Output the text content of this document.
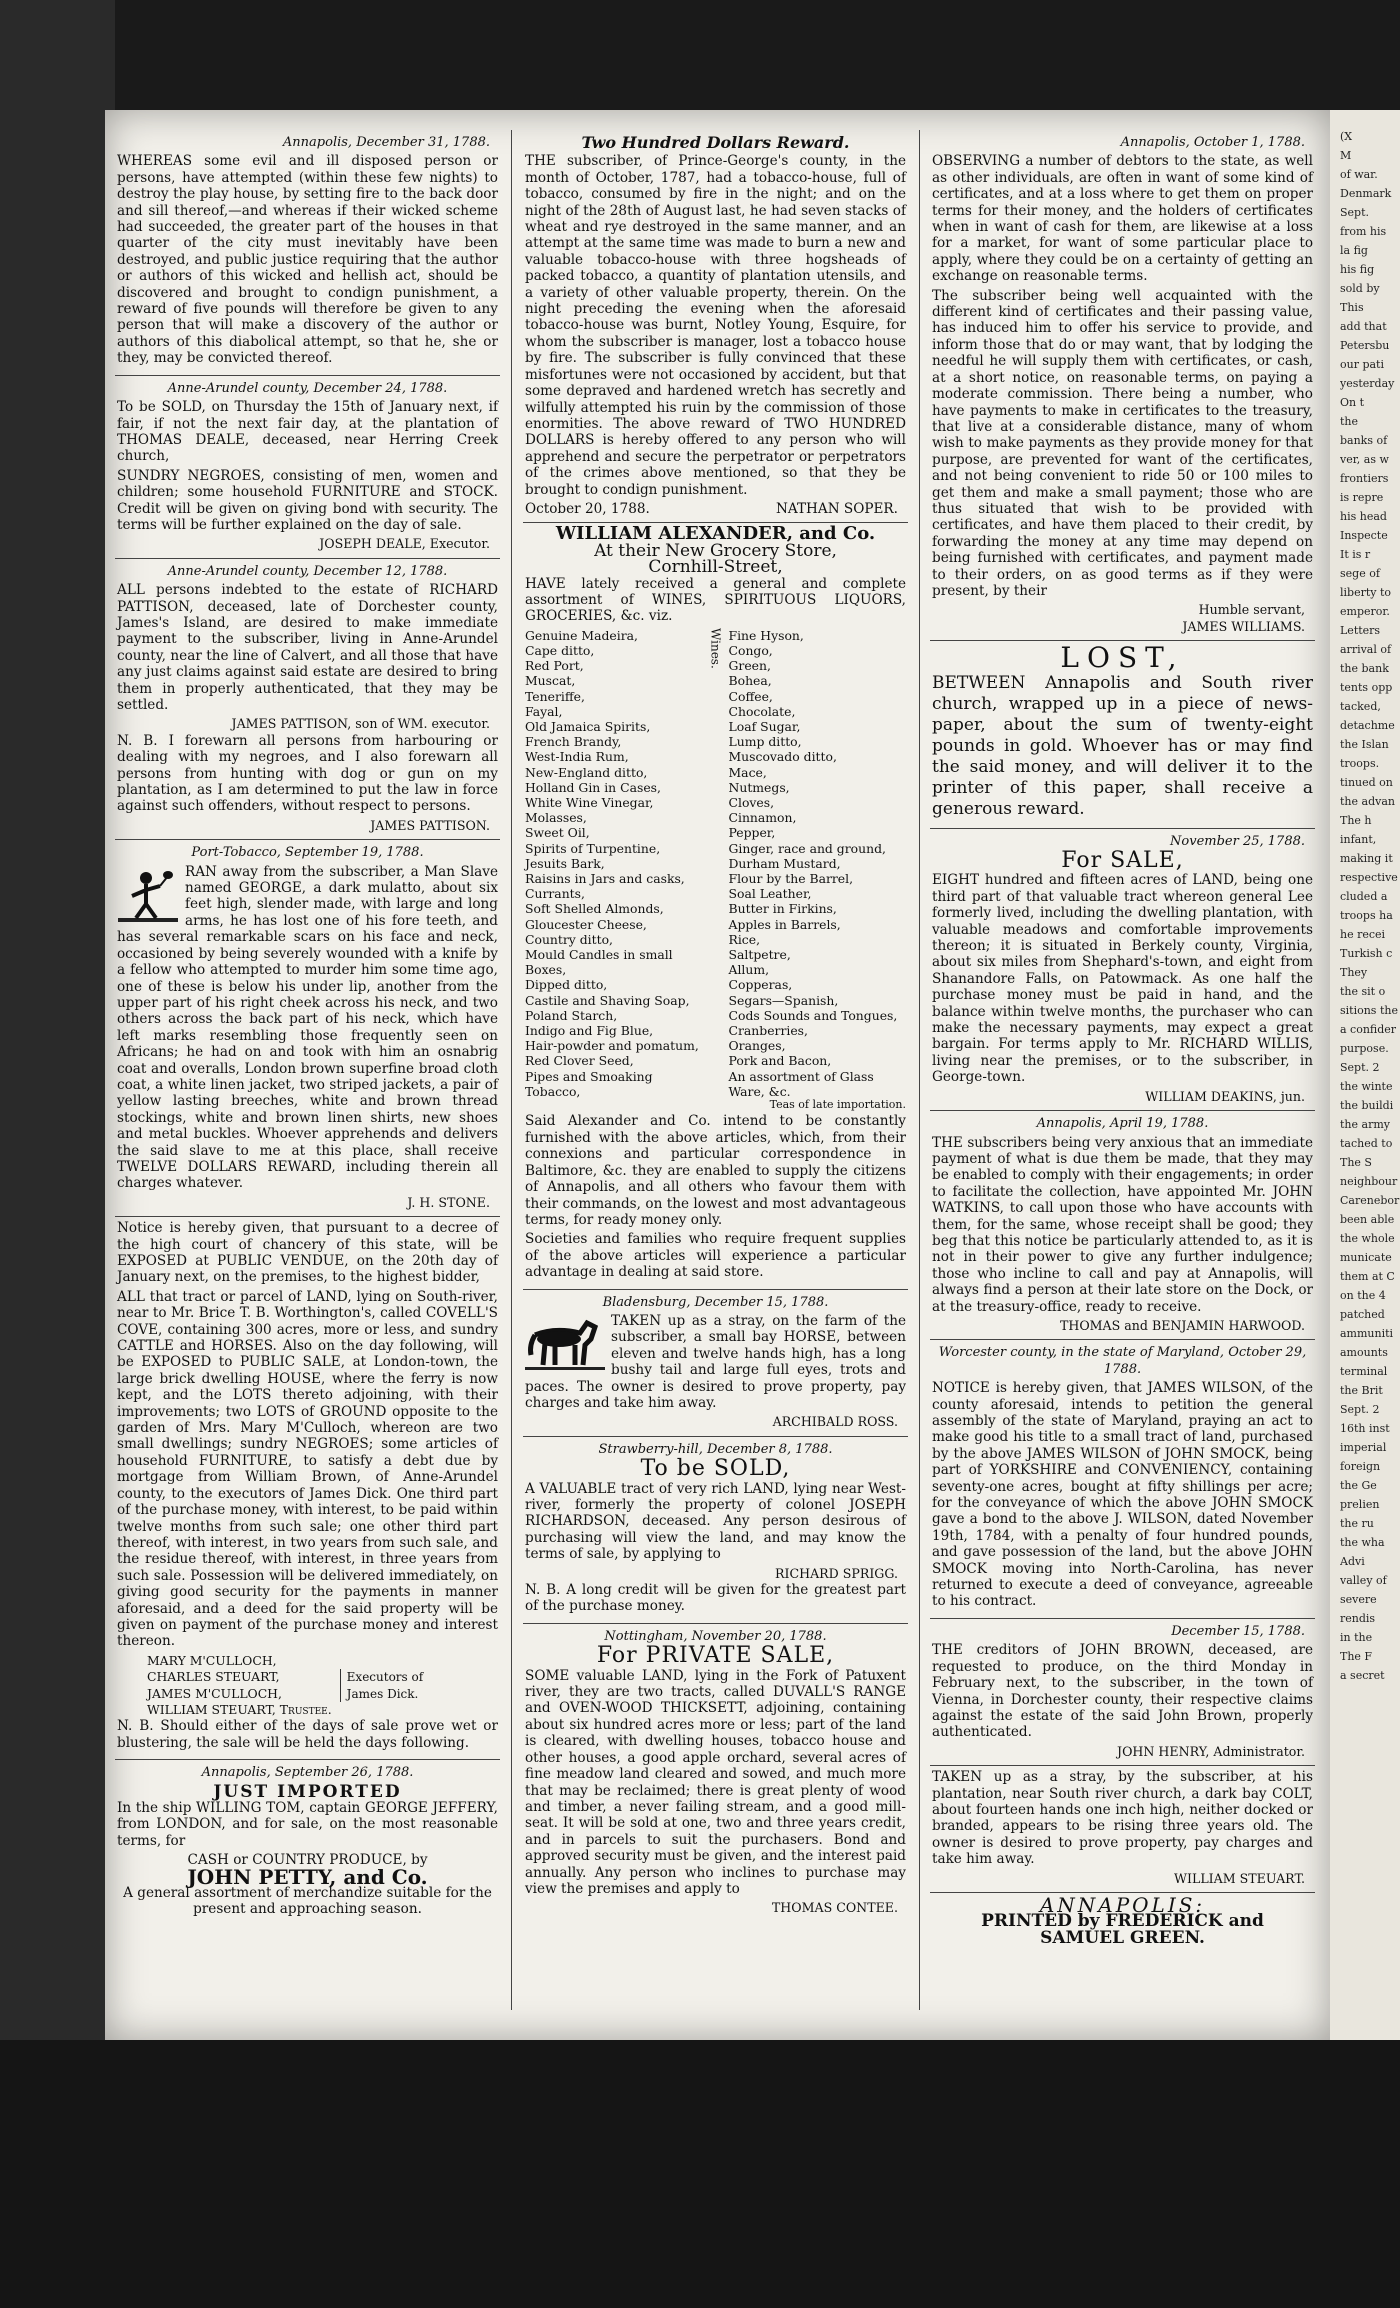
Annapolis, December 31, 1788.

WHEREAS some evil and ill disposed person or persons, have attempted (within these few nights) to destroy the play house, by setting fire to the back door and sill thereof,—and whereas if their wicked scheme had succeeded, the greater part of the houses in that quarter of the city must inevitably have been destroyed, and public justice requiring that the author or authors of this wicked and hellish act, should be discovered and brought to condign punishment, a reward of five pounds will therefore be given to any person that will make a discovery of the author or authors of this diabolical attempt, so that he, she or they, may be convicted thereof.

Anne-Arundel county, December 24, 1788.

To be SOLD, on Thursday the 15th of January next, if fair, if not the next fair day, at the plantation of THOMAS DEALE, deceased, near Herring Creek church,

SUNDRY NEGROES, consisting of men, women and children; some household FURNITURE and STOCK. Credit will be given on giving bond with security. The terms will be further explained on the day of sale.

JOSEPH DEALE, Executor.
Anne-Arundel county, December 12, 1788.

ALL persons indebted to the estate of RICHARD PATTISON, deceased, late of Dorchester county, James's Island, are desired to make immediate payment to the subscriber, living in Anne-Arundel county, near the line of Calvert, and all those that have any just claims against said estate are desired to bring them in properly authenticated, that they may be settled.

JAMES PATTISON, son of WM. executor.

N. B. I forewarn all persons from harbouring or dealing with my negroes, and I also forewarn all persons from hunting with dog or gun on my plantation, as I am determined to put the law in force against such offenders, without respect to persons.

JAMES PATTISON.
Port-Tobacco, September 19, 1788.

RAN away from the subscriber, a Man Slave named GEORGE, a dark mulatto, about six feet high, slender made, with large and long arms, he has lost one of his fore teeth, and has several remarkable scars on his face and neck, occasioned by being severely wounded with a knife by a fellow who attempted to murder him some time ago, one of these is below his under lip, another from the upper part of his right cheek across his neck, and two others across the back part of his neck, which have left marks resembling those frequently seen on Africans; he had on and took with him an osnabrig coat and overalls, London brown superfine broad cloth coat, a white linen jacket, two striped jackets, a pair of yellow lasting breeches, white and brown thread stockings, white and brown linen shirts, new shoes and metal buckles. Whoever apprehends and delivers the said slave to me at this place, shall receive TWELVE DOLLARS REWARD, including therein all charges whatever.

J. H. STONE.

Notice is hereby given, that pursuant to a decree of the high court of chancery of this state, will be EXPOSED at PUBLIC VENDUE, on the 20th day of January next, on the premises, to the highest bidder,

ALL that tract or parcel of LAND, lying on South-river, near to Mr. Brice T. B. Worthington's, called COVELL'S COVE, containing 300 acres, more or less, and sundry CATTLE and HORSES. Also on the day following, will be EXPOSED to PUBLIC SALE, at London-town, the large brick dwelling HOUSE, where the ferry is now kept, and the LOTS thereto adjoining, with their improvements; two LOTS of GROUND opposite to the garden of Mrs. Mary M'Culloch, whereon are two small dwellings; sundry NEGROES; some articles of household FURNITURE, to satisfy a debt due by mortgage from William Brown, of Anne-Arundel county, to the executors of James Dick. One third part of the purchase money, with interest, to be paid within twelve months from such sale; one other third part thereof, with interest, in two years from such sale, and the residue thereof, with interest, in three years from such sale. Possession will be delivered immediately, on giving good security for the payments in manner aforesaid, and a deed for the said property will be given on payment of the purchase money and interest thereon.

MARY M'CULLOCH,
CHARLES STEUART,
JAMES M'CULLOCH,
WILLIAM STEUART, Trustee.
Executors of James Dick.

N. B. Should either of the days of sale prove wet or blustering, the sale will be held the days following.

Annapolis, September 26, 1788.
JUST IMPORTED

In the ship WILLING TOM, captain GEORGE JEFFERY, from LONDON, and for sale, on the most reasonable terms, for

CASH or COUNTRY PRODUCE, by
JOHN PETTY, and Co.

A general assortment of merchandize suitable for the present and approaching season.

Two Hundred Dollars Reward.

THE subscriber, of Prince-George's county, in the month of October, 1787, had a tobacco-house, full of tobacco, consumed by fire in the night; and on the night of the 28th of August last, he had seven stacks of wheat and rye destroyed in the same manner, and an attempt at the same time was made to burn a new and valuable tobacco-house with three hogsheads of packed tobacco, a quantity of plantation utensils, and a variety of other valuable property, therein. On the night preceding the evening when the aforesaid tobacco-house was burnt, Notley Young, Esquire, for whom the subscriber is manager, lost a tobacco house by fire. The subscriber is fully convinced that these misfortunes were not occasioned by accident, but that some depraved and hardened wretch has secretly and wilfully attempted his ruin by the commission of those enormities. The above reward of TWO HUNDRED DOLLARS is hereby offered to any person who will apprehend and secure the perpetrator or perpetrators of the crimes above mentioned, so that they be brought to condign punishment.

October 20, 1788.	NATHAN SOPER.
WILLIAM ALEXANDER, and Co.
At their New Grocery Store,
Cornhill-Street,

HAVE lately received a general and complete assortment of WINES, SPIRITUOUS LIQUORS, GROCERIES, &c. viz.

Genuine Madeira,
Cape ditto,
Red Port,
Muscat,
Teneriffe,
Fayal,
Old Jamaica Spirits,
French Brandy,
West-India Rum,
New-England ditto,
Holland Gin in Cases,
White Wine Vinegar,
Molasses,
Sweet Oil,
Spirits of Turpentine,
Jesuits Bark,
Raisins in Jars and casks,
Currants,
Soft Shelled Almonds,
Gloucester Cheese,
Country ditto,
Mould Candles in small Boxes,
Dipped ditto,
Castile and Shaving Soap,
Poland Starch,
Indigo and Fig Blue,
Hair-powder and pomatum,
Red Clover Seed,
Pipes and Smoaking Tobacco,
Wines. Fine Hyson,
Congo,
Green,
Bohea,
Coffee,
Chocolate,
Loaf Sugar,
Lump ditto,
Muscovado ditto,
Mace,
Nutmegs,
Cloves,
Cinnamon,
Pepper,
Ginger, race and ground,
Durham Mustard,
Flour by the Barrel,
Soal Leather,
Butter in Firkins,
Apples in Barrels,
Rice,
Saltpetre,
Allum,
Copperas,
Segars—Spanish,
Cods Sounds and Tongues,
Cranberries,
Oranges,
Pork and Bacon,
An assortment of Glass Ware, &c.
Teas of late importation.

Said Alexander and Co. intend to be constantly furnished with the above articles, which, from their connexions and particular correspondence in Baltimore, &c. they are enabled to supply the citizens of Annapolis, and all others who favour them with their commands, on the lowest and most advantageous terms, for ready money only.

Societies and families who require frequent supplies of the above articles will experience a particular advantage in dealing at said store.

Bladensburg, December 15, 1788.

TAKEN up as a stray, on the farm of the subscriber, a small bay HORSE, between eleven and twelve hands high, has a long bushy tail and large full eyes, trots and paces. The owner is desired to prove property, pay charges and take him away.

ARCHIBALD ROSS.
Strawberry-hill, December 8, 1788.
To be SOLD,

A VALUABLE tract of very rich LAND, lying near West-river, formerly the property of colonel JOSEPH RICHARDSON, deceased. Any person desirous of purchasing will view the land, and may know the terms of sale, by applying to

RICHARD SPRIGG.

N. B. A long credit will be given for the greatest part of the purchase money.

Nottingham, November 20, 1788.
For PRIVATE SALE,

SOME valuable LAND, lying in the Fork of Patuxent river, they are two tracts, called DUVALL'S RANGE and OVEN-WOOD THICKSETT, adjoining, containing about six hundred acres more or less; part of the land is cleared, with dwelling houses, tobacco house and other houses, a good apple orchard, several acres of fine meadow land cleared and sowed, and much more that may be reclaimed; there is great plenty of wood and timber, a never failing stream, and a good mill-seat. It will be sold at one, two and three years credit, and in parcels to suit the purchasers. Bond and approved security must be given, and the interest paid annually. Any person who inclines to purchase may view the premises and apply to

THOMAS CONTEE.
Annapolis, October 1, 1788.

OBSERVING a number of debtors to the state, as well as other individuals, are often in want of some kind of certificates, and at a loss where to get them on proper terms for their money, and the holders of certificates when in want of cash for them, are likewise at a loss for a market, for want of some particular place to apply, where they could be on a certainty of getting an exchange on reasonable terms.

The subscriber being well acquainted with the different kind of certificates and their passing value, has induced him to offer his service to provide, and inform those that do or may want, that by lodging the needful he will supply them with certificates, or cash, at a short notice, on reasonable terms, on paying a moderate commission. There being a number, who have payments to make in certificates to the treasury, that live at a considerable distance, many of whom wish to make payments as they provide money for that purpose, are prevented for want of the certificates, and not being convenient to ride 50 or 100 miles to get them and make a small payment; those who are thus situated that wish to be provided with certificates, and have them placed to their credit, by forwarding the money at any time may depend on being furnished with certificates, and payment made to their orders, on as good terms as if they were present, by their

Humble servant,
JAMES WILLIAMS.
LOST,

BETWEEN Annapolis and South river church, wrapped up in a piece of news-paper, about the sum of twenty-eight pounds in gold. Whoever has or may find the said money, and will deliver it to the printer of this paper, shall receive a generous reward.

November 25, 1788.
For SALE,

EIGHT hundred and fifteen acres of LAND, being one third part of that valuable tract whereon general Lee formerly lived, including the dwelling plantation, with valuable meadows and comfortable improvements thereon; it is situated in Berkely county, Virginia, about six miles from Shephard's-town, and eight from Shanandore Falls, on Patowmack. As one half the purchase money must be paid in hand, and the balance within twelve months, the purchaser who can make the necessary payments, may expect a great bargain. For terms apply to Mr. RICHARD WILLIS, living near the premises, or to the subscriber, in George-town.

WILLIAM DEAKINS, jun.
Annapolis, April 19, 1788.

THE subscribers being very anxious that an immediate payment of what is due them be made, that they may be enabled to comply with their engagements; in order to facilitate the collection, have appointed Mr. JOHN WATKINS, to call upon those who have accounts with them, for the same, whose receipt shall be good; they beg that this notice be particularly attended to, as it is not in their power to give any further indulgence; those who incline to call and pay at Annapolis, will always find a person at their late store on the Dock, or at the treasury-office, ready to receive.

THOMAS and BENJAMIN HARWOOD.
Worcester county, in the state of Maryland, October 29, 1788.

NOTICE is hereby given, that JAMES WILSON, of the county aforesaid, intends to petition the general assembly of the state of Maryland, praying an act to make good his title to a small tract of land, purchased by the above JAMES WILSON of JOHN SMOCK, being part of YORKSHIRE and CONVENIENCY, containing seventy-one acres, bought at fifty shillings per acre; for the conveyance of which the above JOHN SMOCK gave a bond to the above J. WILSON, dated November 19th, 1784, with a penalty of four hundred pounds, and gave possession of the land, but the above JOHN SMOCK moving into North-Carolina, has never returned to execute a deed of conveyance, agreeable to his contract.

December 15, 1788.

THE creditors of JOHN BROWN, deceased, are requested to produce, on the third Monday in February next, to the subscriber, in the town of Vienna, in Dorchester county, their respective claims against the estate of the said John Brown, properly authenticated.

JOHN HENRY, Administrator.

TAKEN up as a stray, by the subscriber, at his plantation, near South river church, a dark bay COLT, about fourteen hands one inch high, neither docked or branded, appears to be rising three years old. The owner is desired to prove property, pay charges and take him away.

WILLIAM STEUART.
ANNAPOLIS:
PRINTED by FREDERICK and
SAMUEL GREEN.
(X
M
of war.
Denmark
Sept.
from his
la fig
his fig
sold by
This
add that
Petersbu
our pati
yesterday
On t
the
banks of
ver, as w
frontiers
is repre
his head
Inspecte
It is r
sege of
liberty to
emperor.
Letters
arrival of
the bank
tents opp
tacked,
detachme
the Islan
troops.
tinued on
the advan
The h
infant,
making it
respective
cluded a
troops ha
he recei
Turkish c
They
the sit o
sitions the
a confider
purpose.
Sept. 2
the winte
the buildi
the army
tached to
The S
neighbour
Carenebor
been able
the whole
municate
them at C
on the 4
patched
ammuniti
amounts
terminal
the Brit
Sept. 2
16th inst
imperial
foreign
the Ge
prelien
the ru
the wha
Advi
valley of
severe
rendis
in the
The F
a secret
